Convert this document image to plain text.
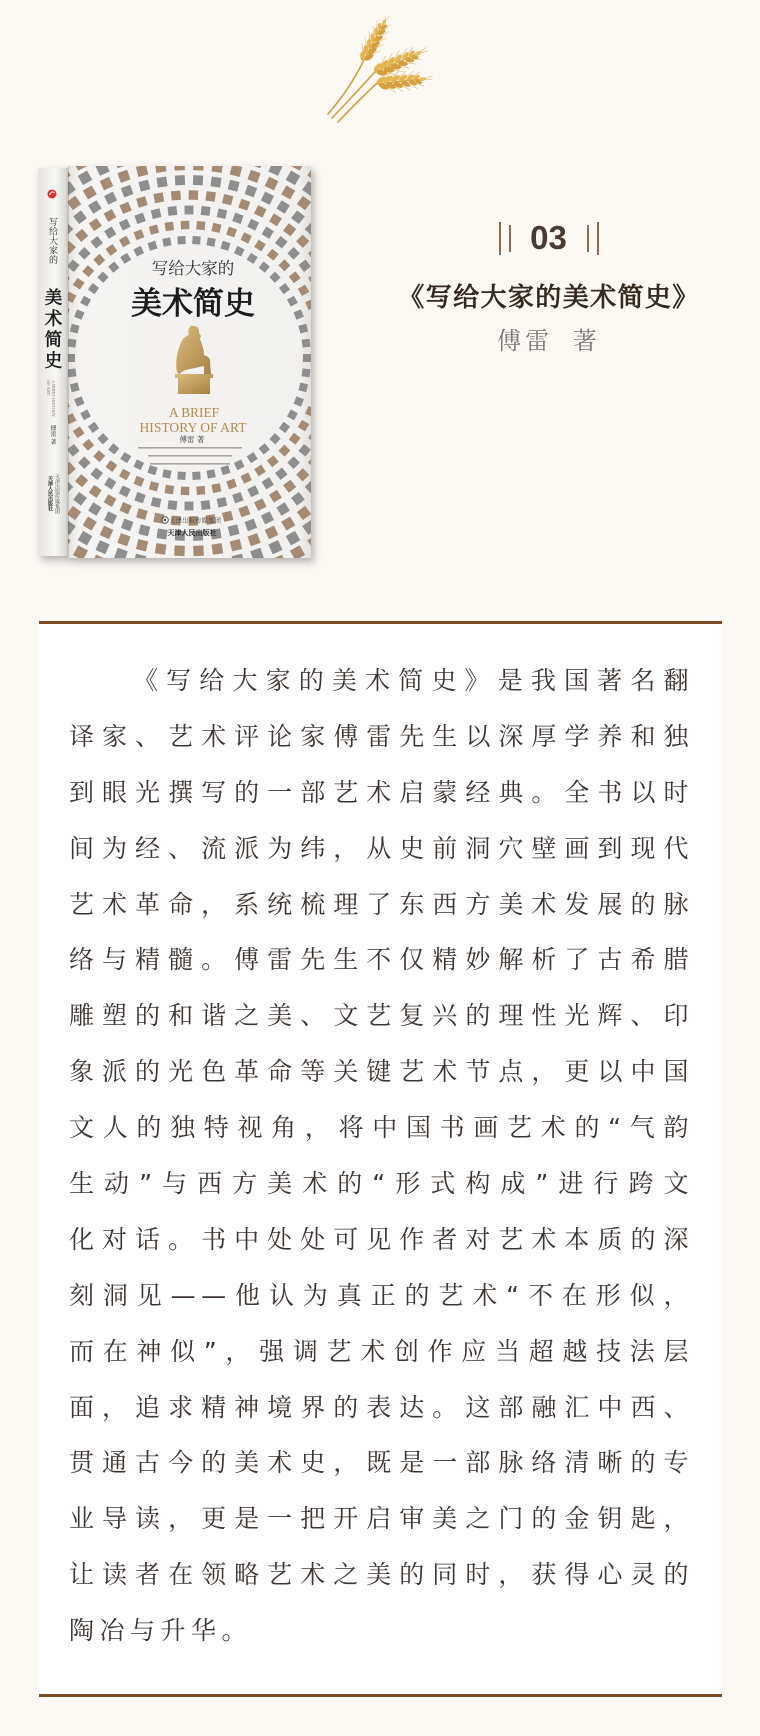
写给大家的
美术简史
A BRIEF
HISTORY OF ART
傅雷 著
天津出版传媒集团
天津人民出版社
写给大家的
美术简史
A BRIEF HISTORY OF ART
傅雷 著
天津出版传媒集团
天津人民出版社
03
《写给大家的美术简史》
傅雷 著
《写给大家的美术简史》是我国著名翻
译家、艺术评论家傅雷先生以深厚学养和独
到眼光撰写的一部艺术启蒙经典。全书以时
间为经、流派为纬，从史前洞穴壁画到现代
艺术革命，系统梳理了东西方美术发展的脉
络与精髓。傅雷先生不仅精妙解析了古希腊
雕塑的和谐之美、文艺复兴的理性光辉、印
象派的光色革命等关键艺术节点，更以中国
文人的独特视角，将中国书画艺术的“气韵
生动”与西方美术的“形式构成”进行跨文
化对话。书中处处可见作者对艺术本质的深
刻洞见——他认为真正的艺术“不在形似，
而在神似”，强调艺术创作应当超越技法层
面，追求精神境界的表达。这部融汇中西、
贯通古今的美术史，既是一部脉络清晰的专
业导读，更是一把开启审美之门的金钥匙，
让读者在领略艺术之美的同时，获得心灵的
陶冶与升华。
